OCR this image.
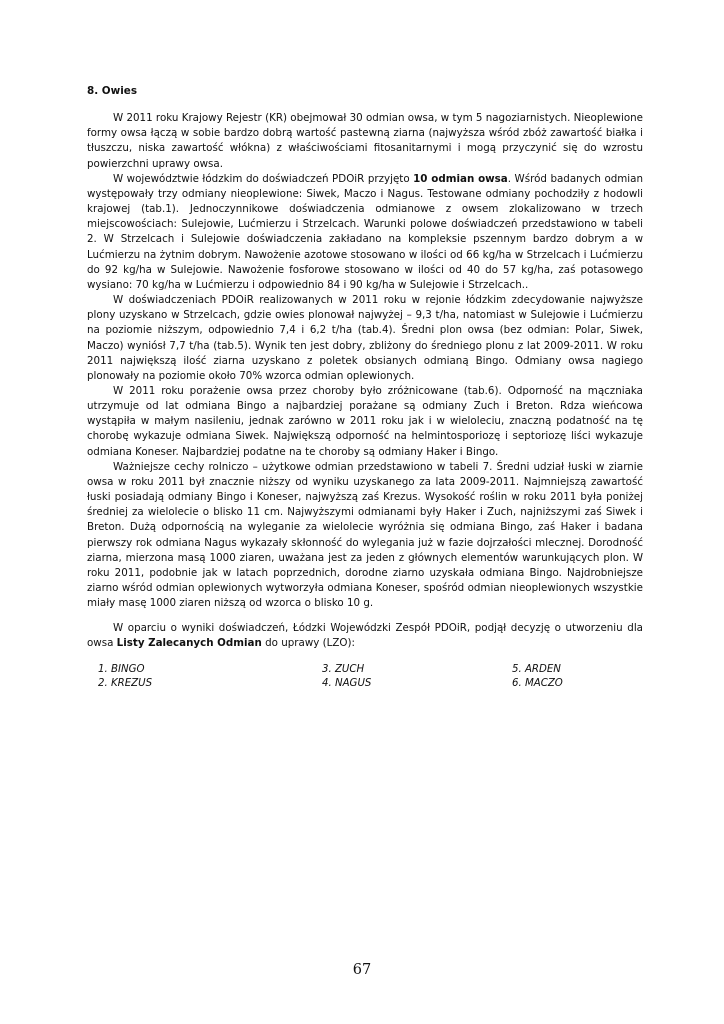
8. Owies

W 2011 roku Krajowy Rejestr (KR) obejmował 30 odmian owsa, w tym 5 nagoziarnistych. Nieoplewione formy owsa łączą w sobie bardzo dobrą wartość pastewną ziarna (najwyższa wśród zbóż zawartość białka i tłuszczu, niska zawartość włókna) z właściwościami fitosanitarnymi i mogą przyczynić się do wzrostu powierzchni uprawy owsa.

W województwie łódzkim do doświadczeń PDOiR przyjęto 10 odmian owsa. Wśród badanych odmian występowały trzy odmiany nieoplewione: Siwek, Maczo i Nagus. Testowane odmiany pochodziły z hodowli krajowej (tab.1). Jednoczynnikowe doświadczenia odmianowe z owsem zlokalizowano w trzech miejscowościach: Sulejowie, Lućmierzu i Strzelcach. Warunki polowe doświadczeń przedstawiono w tabeli 2. W Strzelcach i Sulejowie doświadczenia zakładano na kompleksie pszennym bardzo dobrym a w Lućmierzu na żytnim dobrym. Nawożenie azotowe stosowano w ilości od 66 kg/ha w Strzelcach i Lućmierzu do 92 kg/ha w Sulejowie. Nawożenie fosforowe stosowano w ilości od 40 do 57 kg/ha, zaś potasowego wysiano: 70 kg/ha w Lućmierzu i odpowiednio 84 i 90 kg/ha w Sulejowie i Strzelcach..

W doświadczeniach PDOiR realizowanych w 2011 roku w rejonie łódzkim zdecydowanie najwyższe plony uzyskano w Strzelcach, gdzie owies plonował najwyżej – 9,3 t/ha, natomiast w Sulejowie i Lućmierzu na poziomie niższym, odpowiednio 7,4 i 6,2 t/ha (tab.4). Średni plon owsa (bez odmian: Polar, Siwek, Maczo) wyniósł 7,7 t/ha (tab.5). Wynik ten jest dobry, zbliżony do średniego plonu z lat 2009-2011. W roku 2011 największą ilość ziarna uzyskano z poletek obsianych odmianą Bingo. Odmiany owsa nagiego plonowały na poziomie około 70% wzorca odmian oplewionych.

W 2011 roku porażenie owsa przez choroby było zróżnicowane (tab.6). Odporność na mączniaka utrzymuje od lat odmiana Bingo a najbardziej porażane są odmiany Zuch i Breton. Rdza wieńcowa wystąpiła w małym nasileniu, jednak zarówno w 2011 roku jak i w wieloleciu, znaczną podatność na tę chorobę wykazuje odmiana Siwek. Największą odporność na helmintosporiozę i septoriozę liści wykazuje odmiana Koneser. Najbardziej podatne na te choroby są odmiany Haker i Bingo.

Ważniejsze cechy rolniczo – użytkowe odmian przedstawiono w tabeli 7. Średni udział łuski w ziarnie owsa w roku 2011 był znacznie niższy od wyniku uzyskanego za lata 2009-2011. Najmniejszą zawartość łuski posiadają odmiany Bingo i Koneser, najwyższą zaś Krezus. Wysokość roślin w roku 2011 była poniżej średniej za wielolecie o blisko 11 cm. Najwyższymi odmianami były Haker i Zuch, najniższymi zaś Siwek i Breton. Dużą odpornością na wyleganie za wielolecie wyróżnia się odmiana Bingo, zaś Haker i badana pierwszy rok odmiana Nagus wykazały skłonność do wylegania już w fazie dojrzałości mlecznej. Dorodność ziarna, mierzona masą 1000 ziaren, uważana jest za jeden z głównych elementów warunkujących plon. W roku 2011, podobnie jak w latach poprzednich, dorodne ziarno uzyskała odmiana Bingo. Najdrobniejsze ziarno wśród odmian oplewionych wytworzyła odmiana Koneser, spośród odmian nieoplewionych wszystkie miały masę 1000 ziaren niższą od wzorca o blisko 10 g.

W oparciu o wyniki doświadczeń, Łódzki Wojewódzki Zespół PDOiR, podjął decyzję o utworzeniu dla owsa Listy Zalecanych Odmian do uprawy (LZO):

1. BINGO	3. ZUCH	5. ARDEN
2. KREZUS	4. NAGUS	6. MACZO
67
